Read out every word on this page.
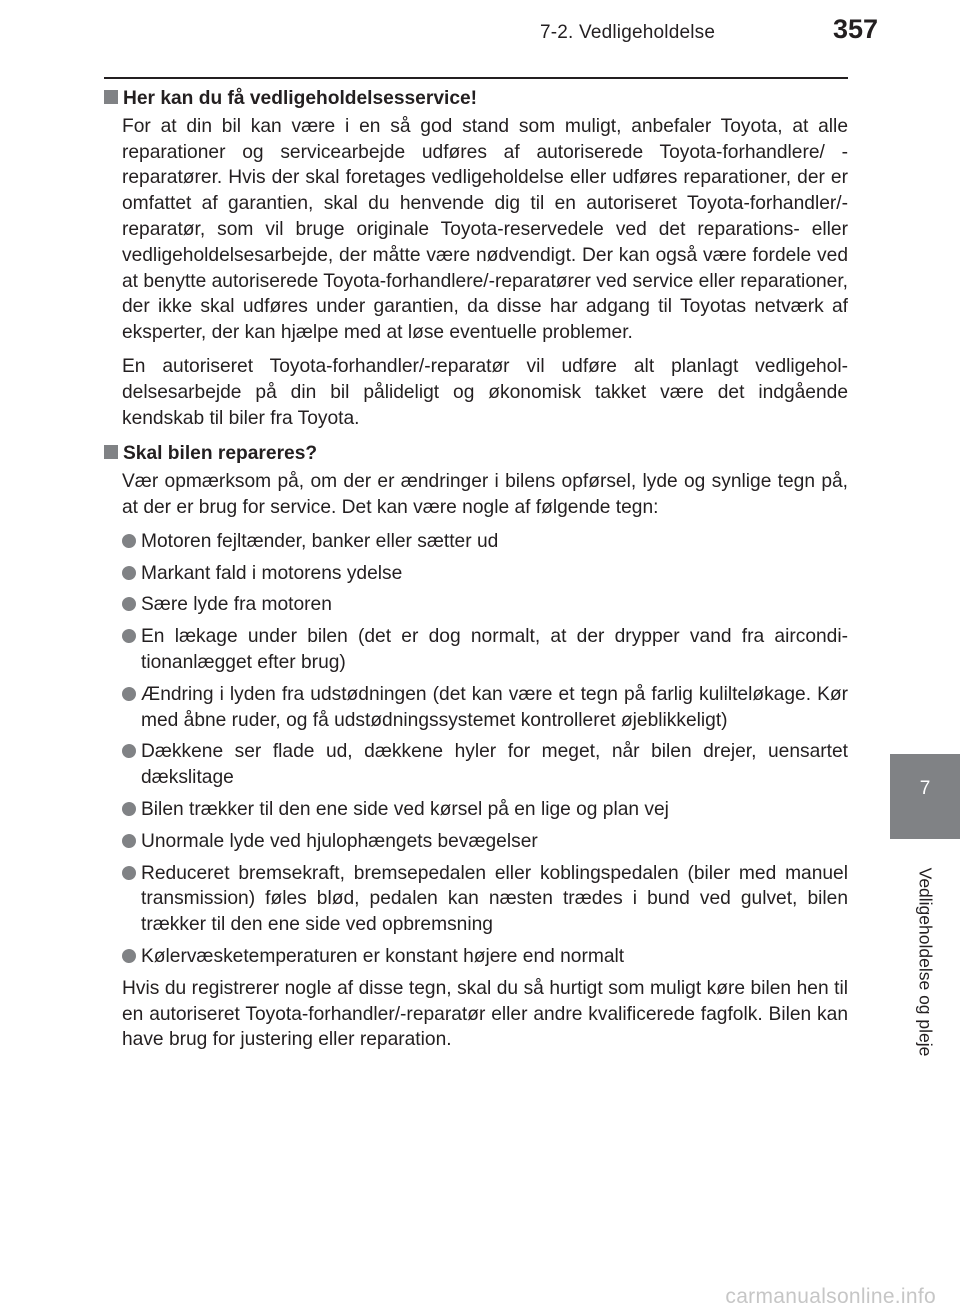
7-2. Vedligeholdelse	357
Her kan du få vedligeholdelsesservice!

For at din bil kan være i en så god stand som muligt, anbefaler Toyota, at alle reparationer og servicearbejde udføres af autoriserede Toyota-forhandlere/ -reparatører. Hvis der skal foretages vedligeholdelse eller udføres reparationer, der er omfattet af garantien, skal du henvende dig til en autoriseret Toyota-forhandler/-reparatør, som vil bruge originale Toyota-reservedele ved det reparations- eller vedligeholdelsesarbejde, der måtte være nødvendigt. Der kan også være fordele ved at benytte autoriserede Toyota-forhandlere/-reparatører ved service eller reparationer, der ikke skal udføres under garantien, da disse har adgang til Toyotas netværk af eksperter, der kan hjælpe med at løse eventuelle problemer.

En autoriseret Toyota-forhandler/-reparatør vil udføre alt planlagt vedligehol-delsesarbejde på din bil pålideligt og økonomisk takket være det indgående kendskab til biler fra Toyota.

Skal bilen repareres?

Vær opmærksom på, om der er ændringer i bilens opførsel, lyde og synlige tegn på, at der er brug for service. Det kan være nogle af følgende tegn:

Motoren fejltænder, banker eller sætter ud
Markant fald i motorens ydelse
Sære lyde fra motoren
En lækage under bilen (det er dog normalt, at der drypper vand fra aircondi-tionanlægget efter brug)
Ændring i lyden fra udstødningen (det kan være et tegn på farlig kulilteløkage. Kør med åbne ruder, og få udstødningssystemet kontrolleret øjeblikkeligt)
Dækkene ser flade ud, dækkene hyler for meget, når bilen drejer, uensartet dækslitage
Bilen trækker til den ene side ved kørsel på en lige og plan vej
Unormale lyde ved hjulophængets bevægelser
Reduceret bremsekraft, bremsepedalen eller koblingspedalen (biler med manuel transmission) føles blød, pedalen kan næsten trædes i bund ved gulvet, bilen trækker til den ene side ved opbremsning
Kølervæsketemperaturen er konstant højere end normalt

Hvis du registrerer nogle af disse tegn, skal du så hurtigt som muligt køre bilen hen til en autoriseret Toyota-forhandler/-reparatør eller andre kvalificerede fagfolk. Bilen kan have brug for justering eller reparation.

7
Vedligeholdelse og pleje
carmanualsonline.info
